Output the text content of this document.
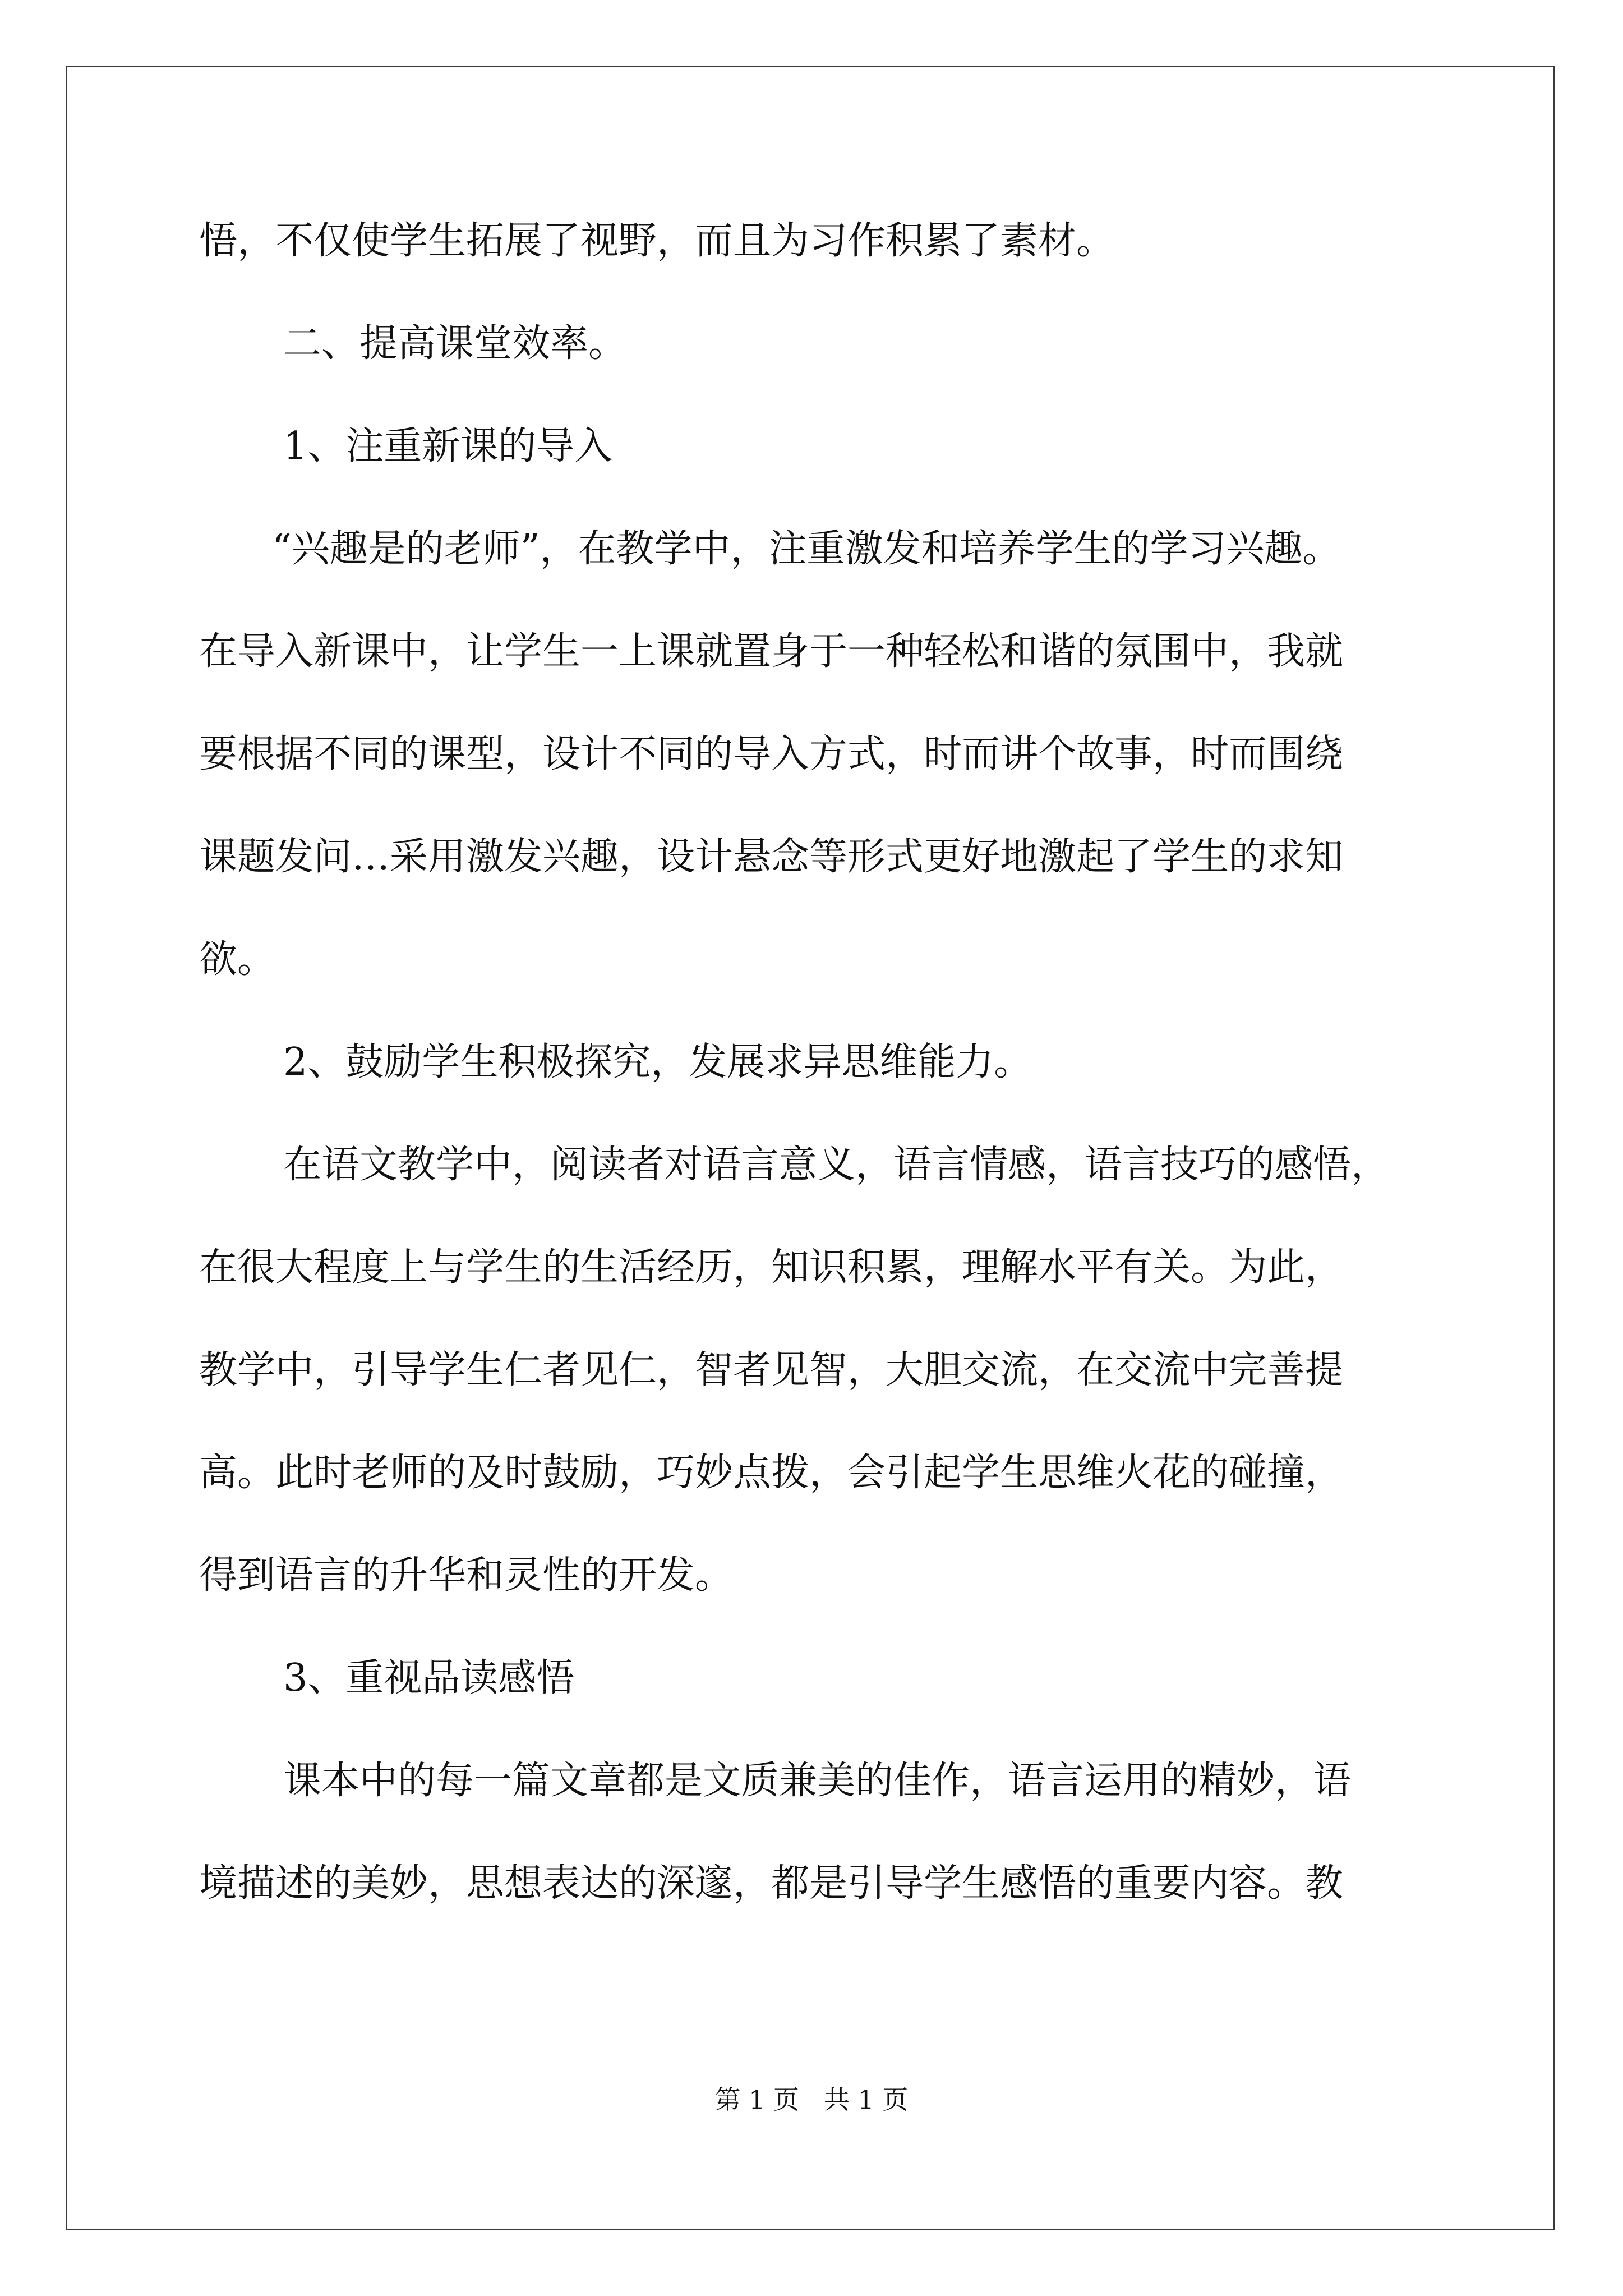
悟，不仅使学生拓展了视野，而且为习作积累了素材。
二、提高课堂效率。
1、注重新课的导入
“兴趣是的老师”，在教学中，注重激发和培养学生的学习兴趣。
在导入新课中，让学生一上课就置身于一种轻松和谐的氛围中，我就
要根据不同的课型，设计不同的导入方式，时而讲个故事，时而围绕
课题发问…采用激发兴趣，设计悬念等形式更好地激起了学生的求知
欲。
2、鼓励学生积极探究，发展求异思维能力。
在语文教学中，阅读者对语言意义，语言情感，语言技巧的感悟，
在很大程度上与学生的生活经历，知识积累，理解水平有关。为此，
教学中，引导学生仁者见仁，智者见智，大胆交流，在交流中完善提
高。此时老师的及时鼓励，巧妙点拨，会引起学生思维火花的碰撞，
得到语言的升华和灵性的开发。
3、重视品读感悟
课本中的每一篇文章都是文质兼美的佳作，语言运用的精妙，语
境描述的美妙，思想表达的深邃，都是引导学生感悟的重要内容。教
第 1 页   共 1 页
